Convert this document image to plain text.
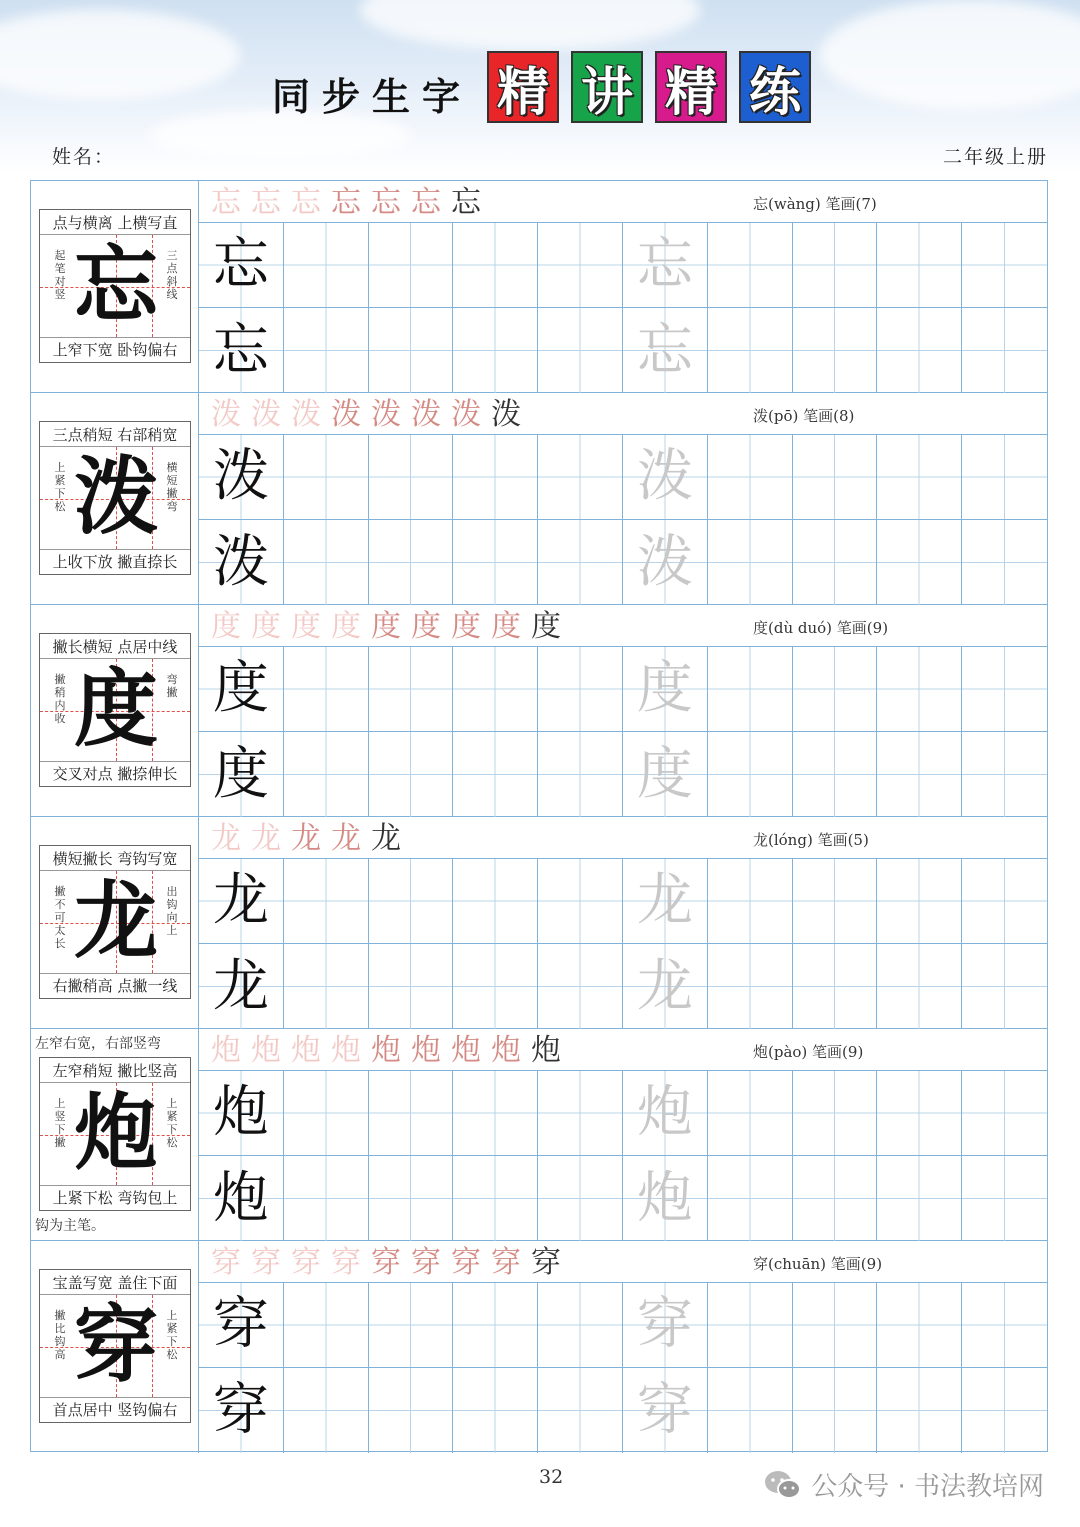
同步生字 精 讲 精 练
姓名：	二年级上册
点与横离 上横写直
起笔对竖 忘 三点斜线
上窄下宽 卧钩偏右
忘 忘 忘 忘 忘 忘 忘	忘(wàng) 笔画(7)
忘	忘
忘	忘
三点稍短 右部稍宽
上紧下松 泼 横短撇弯
上收下放 撇直捺长
泼 泼 泼 泼 泼 泼 泼 泼	泼(pō) 笔画(8)
泼	泼
泼	泼
撇长横短 点居中线
撇稍内收 度 弯撇
交叉对点 撇捺伸长
度 度 度 度 度 度 度 度 度	度(dù duó) 笔画(9)
度	度
度	度
横短撇长 弯钩写宽
撇不可太长 龙 出钩向上
右撇稍高 点撇一线
龙 龙 龙 龙 龙	龙(lóng) 笔画(5)
龙	龙
龙	龙
左窄右宽，右部竖弯
左窄稍短 撇比竖高
上竖下撇 炮 上紧下松
上紧下松 弯钩包上
钩为主笔。
炮 炮 炮 炮 炮 炮 炮 炮 炮	炮(pào) 笔画(9)
炮	炮
炮	炮
宝盖写宽 盖住下面
撇比钩高 穿 上紧下松
首点居中 竖钩偏右
穿 穿 穿 穿 穿 穿 穿 穿 穿	穿(chuān) 笔画(9)
穿	穿
穿	穿
32	公众号 · 书法教培网
